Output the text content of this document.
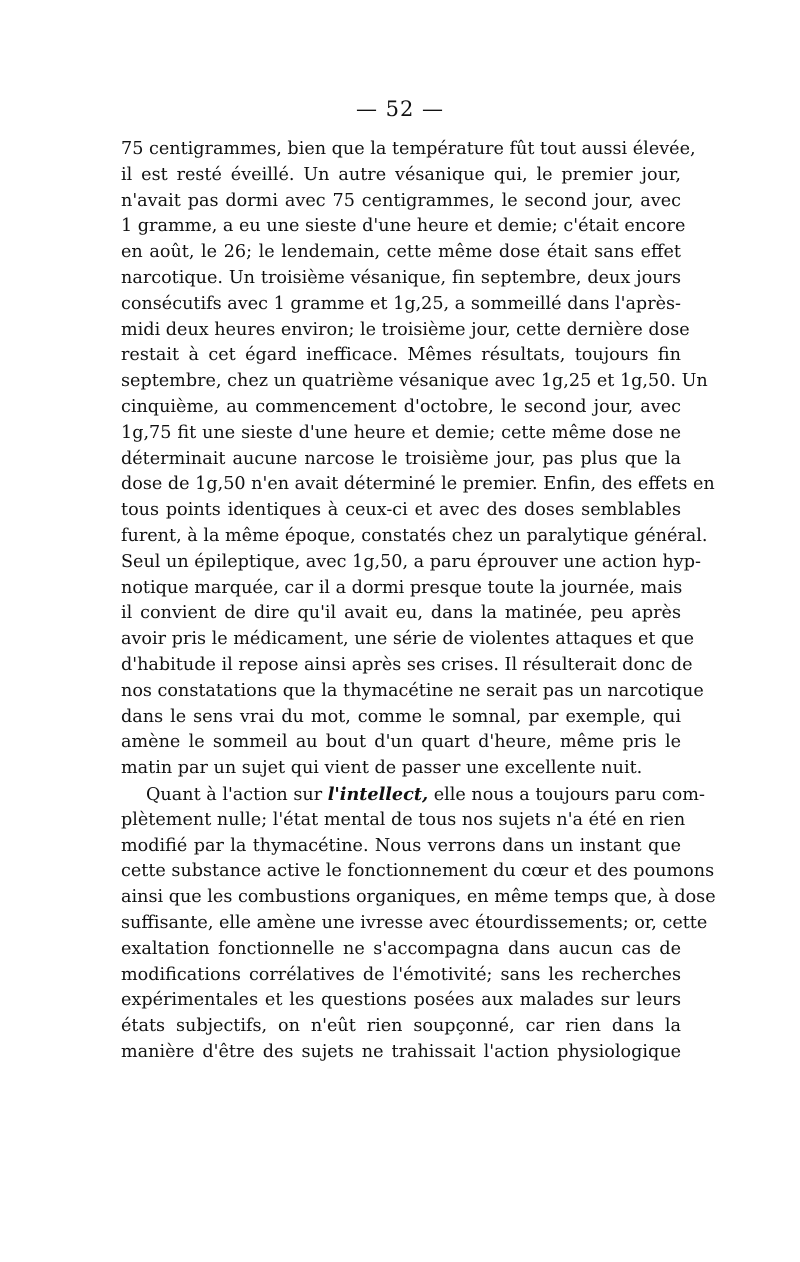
— 52 —
75 centigrammes, bien que la température fût tout aussi élevée,
il est resté éveillé. Un autre vésanique qui, le premier jour,
n'avait pas dormi avec 75 centigrammes, le second jour, avec
1 gramme, a eu une sieste d'une heure et demie; c'était encore
en août, le 26; le lendemain, cette même dose était sans effet
narcotique. Un troisième vésanique, fin septembre, deux jours
consécutifs avec 1 gramme et 1g,25, a sommeillé dans l'après-
midi deux heures environ; le troisième jour, cette dernière dose
restait à cet égard inefficace. Mêmes résultats, toujours fin
septembre, chez un quatrième vésanique avec 1g,25 et 1g,50. Un
cinquième, au commencement d'octobre, le second jour, avec
1g,75 fit une sieste d'une heure et demie; cette même dose ne
déterminait aucune narcose le troisième jour, pas plus que la
dose de 1g,50 n'en avait déterminé le premier. Enfin, des effets en
tous points identiques à ceux-ci et avec des doses semblables
furent, à la même époque, constatés chez un paralytique général.
Seul un épileptique, avec 1g,50, a paru éprouver une action hyp-
notique marquée, car il a dormi presque toute la journée, mais
il convient de dire qu'il avait eu, dans la matinée, peu après
avoir pris le médicament, une série de violentes attaques et que
d'habitude il repose ainsi après ses crises. Il résulterait donc de
nos constatations que la thymacétine ne serait pas un narcotique
dans le sens vrai du mot, comme le somnal, par exemple, qui
amène le sommeil au bout d'un quart d'heure, même pris le
matin par un sujet qui vient de passer une excellente nuit.
Quant à l'action sur l'intellect, elle nous a toujours paru com-
plètement nulle; l'état mental de tous nos sujets n'a été en rien
modifié par la thymacétine. Nous verrons dans un instant que
cette substance active le fonctionnement du cœur et des poumons
ainsi que les combustions organiques, en même temps que, à dose
suffisante, elle amène une ivresse avec étourdissements; or, cette
exaltation fonctionnelle ne s'accompagna dans aucun cas de
modifications corrélatives de l'émotivité; sans les recherches
expérimentales et les questions posées aux malades sur leurs
états subjectifs, on n'eût rien soupçonné, car rien dans la
manière d'être des sujets ne trahissait l'action physiologique
